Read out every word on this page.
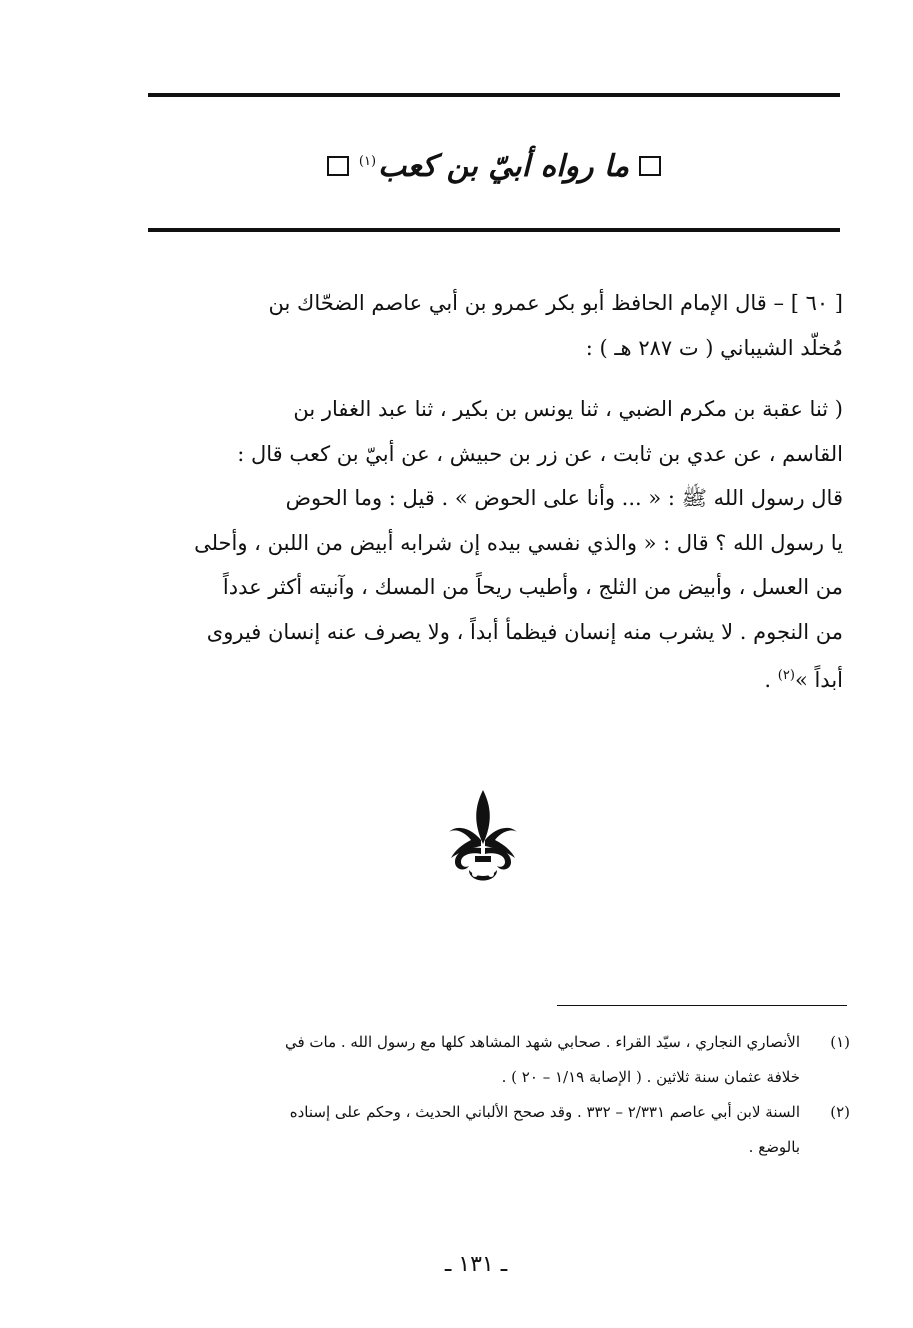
ما رواه أبيّ بن كعب$^{(١)}$

[ ٦٠ ] – قال الإمام الحافظ أبو بكر عمرو بن أبي عاصم الضحّاك بن

مُخلّد الشيباني ( ت ٢٨٧ هـ ) :

( ثنا عقبة بن مكرم الضبي ، ثنا يونس بن بكير ، ثنا عبد الغفار بن

القاسم ، عن عدي بن ثابت ، عن زر بن حبيش ، عن أبيّ بن كعب قال :

قال رسول الله ﷺ : « ... وأنا على الحوض » . قيل : وما الحوض

يا رسول الله ؟ قال : « والذي نفسي بيده إن شرابه أبيض من اللبن ، وأحلى

من العسل ، وأبيض من الثلج ، وأطيب ريحاً من المسك ، وآنيته أكثر عدداً

من النجوم . لا يشرب منه إنسان فيظمأ أبداً ، ولا يصرف عنه إنسان فيروى

أبداً »$^{(٢)}$ .

(١)
الأنصاري النجاري ، سيّد القراء . صحابي شهد المشاهد كلها مع رسول الله . مات في
خلافة عثمان سنة ثلاثين . ( الإصابة ١/١٩ – ٢٠ ) .
(٢)
السنة لابن أبي عاصم ٢/٣٣١ – ٣٣٢ . وقد صحح الألباني الحديث ، وحكم على إسناده
بالوضع .
ـ ١٣١ ـ
